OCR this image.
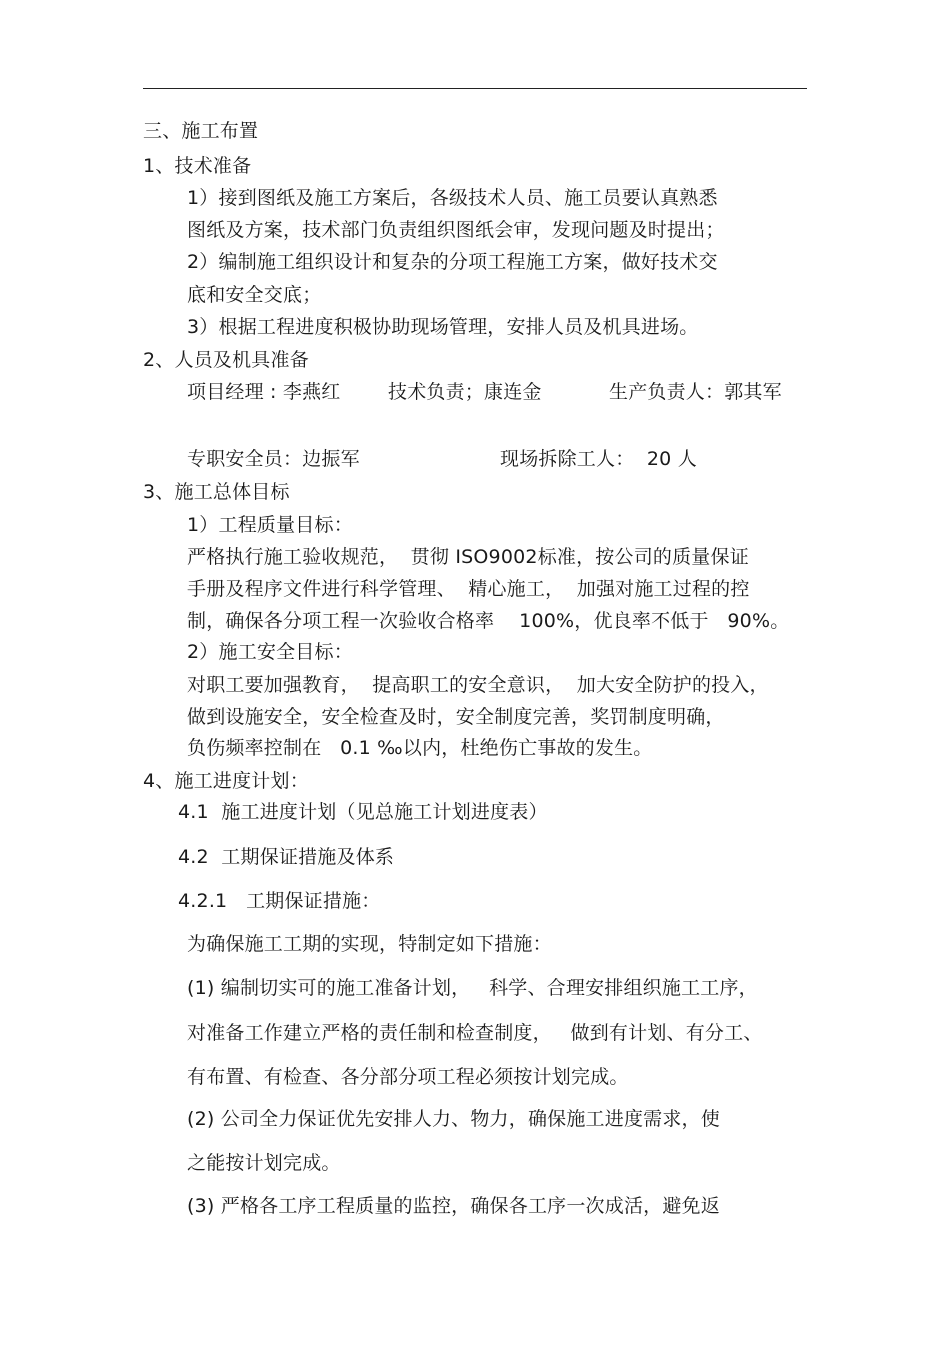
三、施工布置
1、技术准备
1）接到图纸及施工方案后，各级技术人员、施工员要认真熟悉
图纸及方案，技术部门负责组织图纸会审，发现问题及时提出；
2）编制施工组织设计和复杂的分项工程施工方案，做好技术交
底和安全交底；
3）根据工程进度积极协助现场管理，安排人员及机具进场。
2、人员及机具准备
项目经理 : 李燕红	技术负责；康连金	生产负责人：郭其军
专职安全员：边振军	现场拆除工人：  20 人
3、施工总体目标
1）工程质量目标：
严格执行施工验收规范，  贯彻 ISO9002标准，按公司的质量保证
手册及程序文件进行科学管理、  精心施工，  加强对施工过程的控
制，确保各分项工程一次验收合格率    100%，优良率不低于   90%。
2）施工安全目标：
对职工要加强教育，  提高职工的安全意识，  加大安全防护的投入，
做到设施安全，安全检查及时，安全制度完善，奖罚制度明确，
负伤频率控制在   0.1 ‰以内，杜绝伤亡事故的发生。
4、施工进度计划：
4.1  施工进度计划（见总施工计划进度表）
4.2  工期保证措施及体系
4.2.1   工期保证措施：
为确保施工工期的实现，特制定如下措施：
(1) 编制切实可的施工准备计划，   科学、合理安排组织施工工序，
对准备工作建立严格的责任制和检查制度，   做到有计划、有分工、
有布置、有检查、各分部分项工程必须按计划完成。
(2) 公司全力保证优先安排人力、物力，确保施工进度需求，使
之能按计划完成。
(3) 严格各工序工程质量的监控，确保各工序一次成活，避免返
